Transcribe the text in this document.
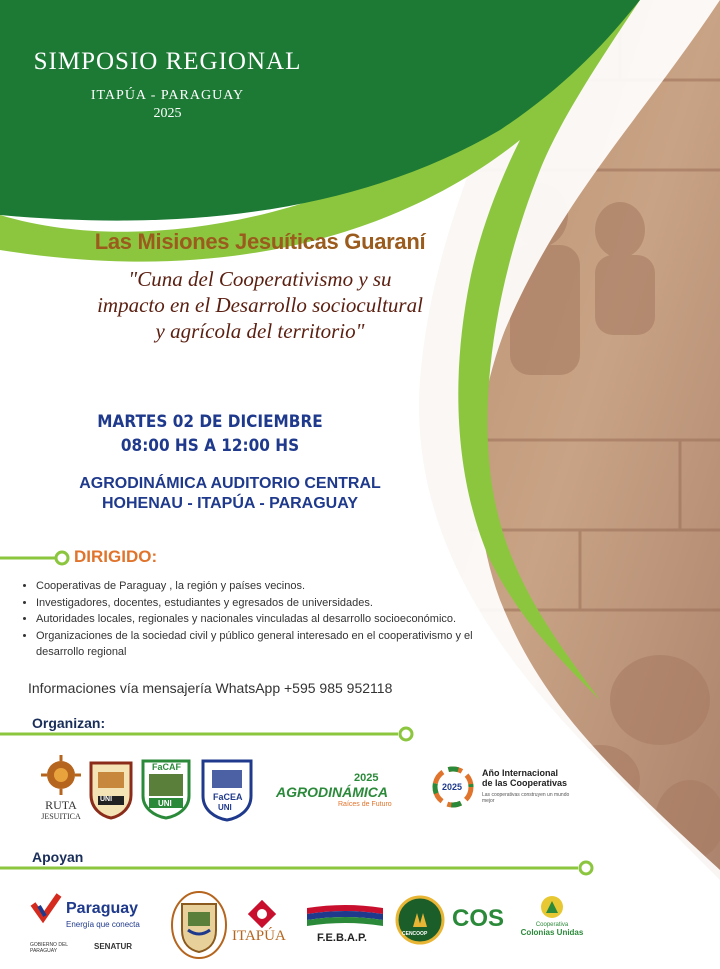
SIMPOSIO REGIONAL
ITAPÚA - PARAGUAY
2025
Las Misiones Jesuíticas Guaraní
"Cuna del Cooperativismo y su
impacto en el Desarrollo sociocultural
y agrícola del territorio"
MARTES 02 DE DICIEMBRE
08:00 HS A 12:00 HS
AGRODINÁMICA AUDITORIO CENTRAL
HOHENAU - ITAPÚA - PARAGUAY
DIRIGIDO:
• Cooperativas de Paraguay , la región y países vecinos.
• Investigadores, docentes, estudiantes y egresados de universidades.
• Autoridades locales, regionales y nacionales vinculadas al desarrollo socioeconómico.
• Organizaciones de la sociedad civil y público general interesado en el cooperativismo y el desarrollo regional
Informaciones vía mensajería WhatsApp +595 985 952118
Organizan:
RUTA
JESUITICA
UNI
FaCAF
UNI
FaCEA
UNI
2025
AGRODINÁMICA
Raíces de Futuro
2025
Año Internacional
de las Cooperativas
Las cooperativas construyen un mundo mejor
Apoyan
Paraguay
Energía que conecta
GOBIERNO DEL PARAGUAY	SENATUR
ITAPÚA	F.E.B.A.P.	CENCOOP
COS	Cooperativa
Colonias Unidas
